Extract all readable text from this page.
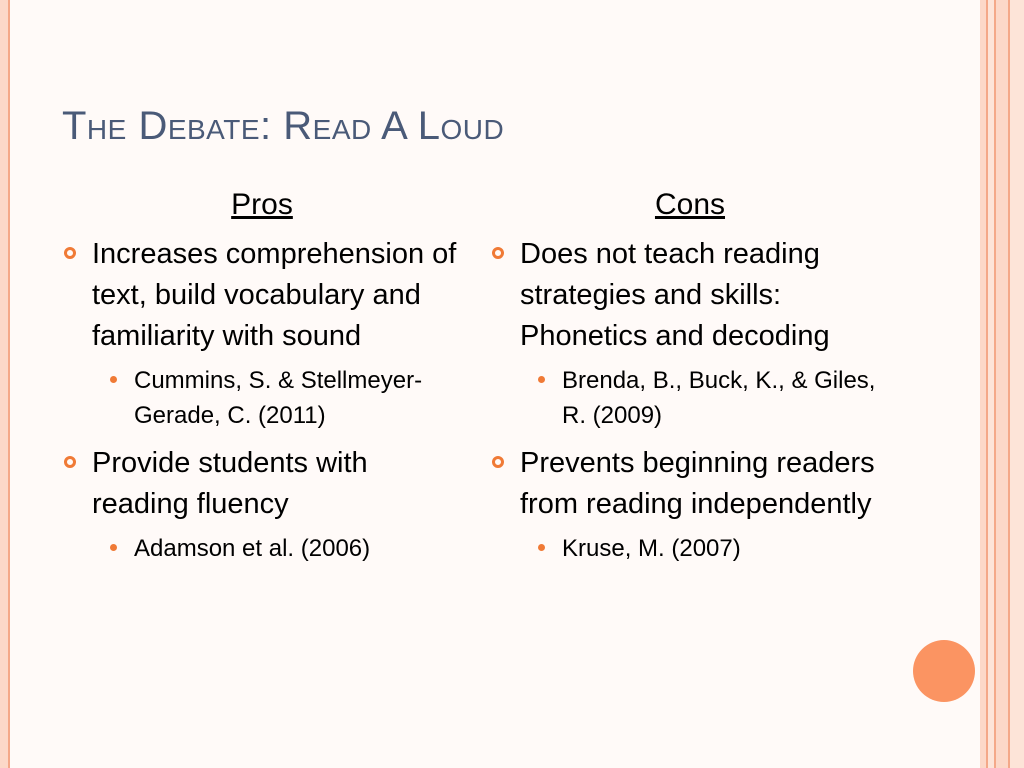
The Debate: Read A Loud
Pros
Increases comprehension of text, build vocabulary and familiarity with sound
Cummins, S. & Stellmeyer-Gerade, C. (2011)
Provide students with reading fluency
Adamson et al. (2006)
Cons
Does not teach reading strategies and skills: Phonetics and decoding
Brenda, B., Buck, K., & Giles, R. (2009)
Prevents beginning readers from reading independently
Kruse, M. (2007)
